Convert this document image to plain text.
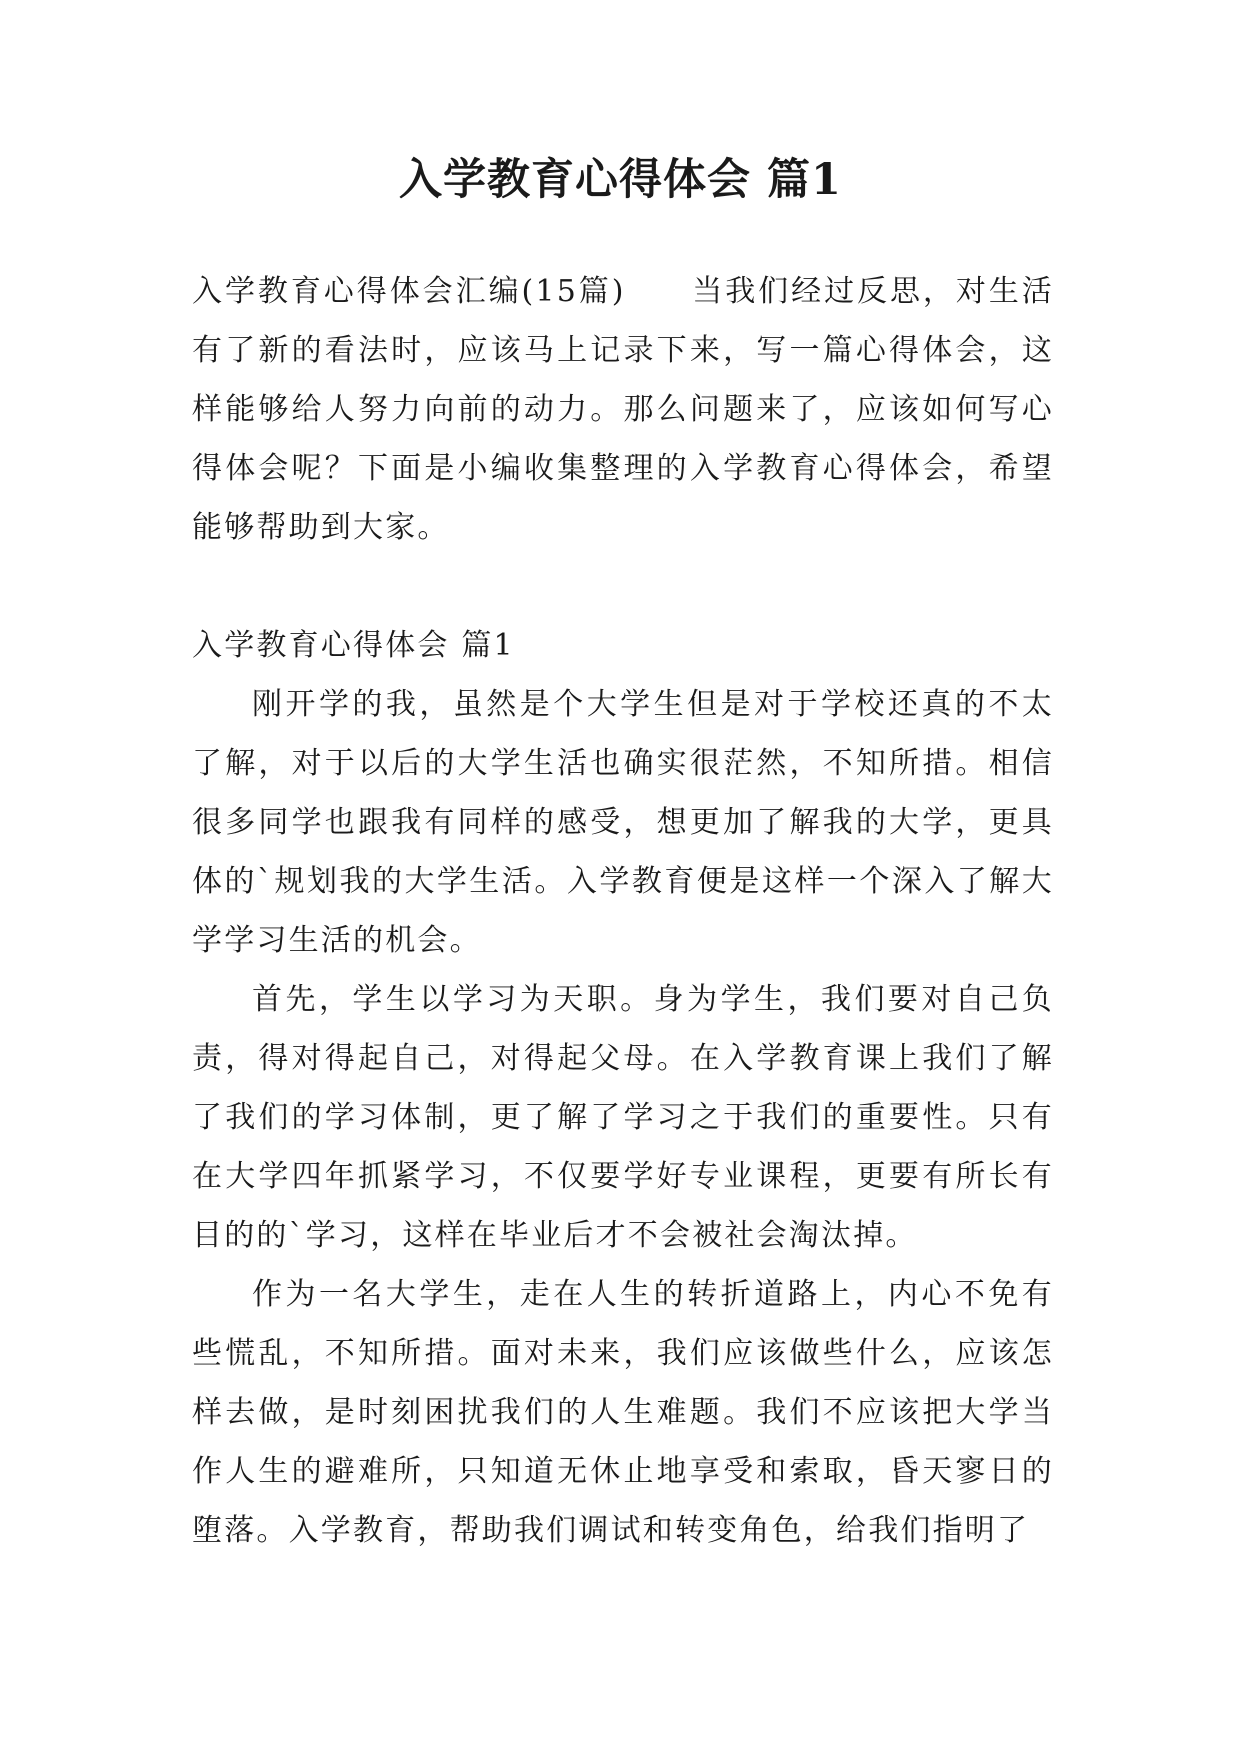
入学教育心得体会 篇1

入学教育心得体会汇编(15篇)　　当我们经过反思，对生活有了新的看法时，应该马上记录下来，写一篇心得体会，这样能够给人努力向前的动力。那么问题来了，应该如何写心得体会呢？下面是小编收集整理的入学教育心得体会，希望能够帮助到大家。

入学教育心得体会 篇1

刚开学的我，虽然是个大学生但是对于学校还真的不太了解，对于以后的大学生活也确实很茫然，不知所措。相信很多同学也跟我有同样的感受，想更加了解我的大学，更具体的`规划我的大学生活。入学教育便是这样一个深入了解大学学习生活的机会。

首先，学生以学习为天职。身为学生，我们要对自己负责，得对得起自己，对得起父母。在入学教育课上我们了解了我们的学习体制，更了解了学习之于我们的重要性。只有在大学四年抓紧学习，不仅要学好专业课程，更要有所长有目的的`学习，这样在毕业后才不会被社会淘汰掉。

作为一名大学生，走在人生的转折道路上，内心不免有些慌乱，不知所措。面对未来，我们应该做些什么，应该怎样去做，是时刻困扰我们的人生难题。我们不应该把大学当作人生的避难所，只知道无休止地享受和索取，昏天寥日的堕落。入学教育，帮助我们调试和转变角色，给我们指明了
